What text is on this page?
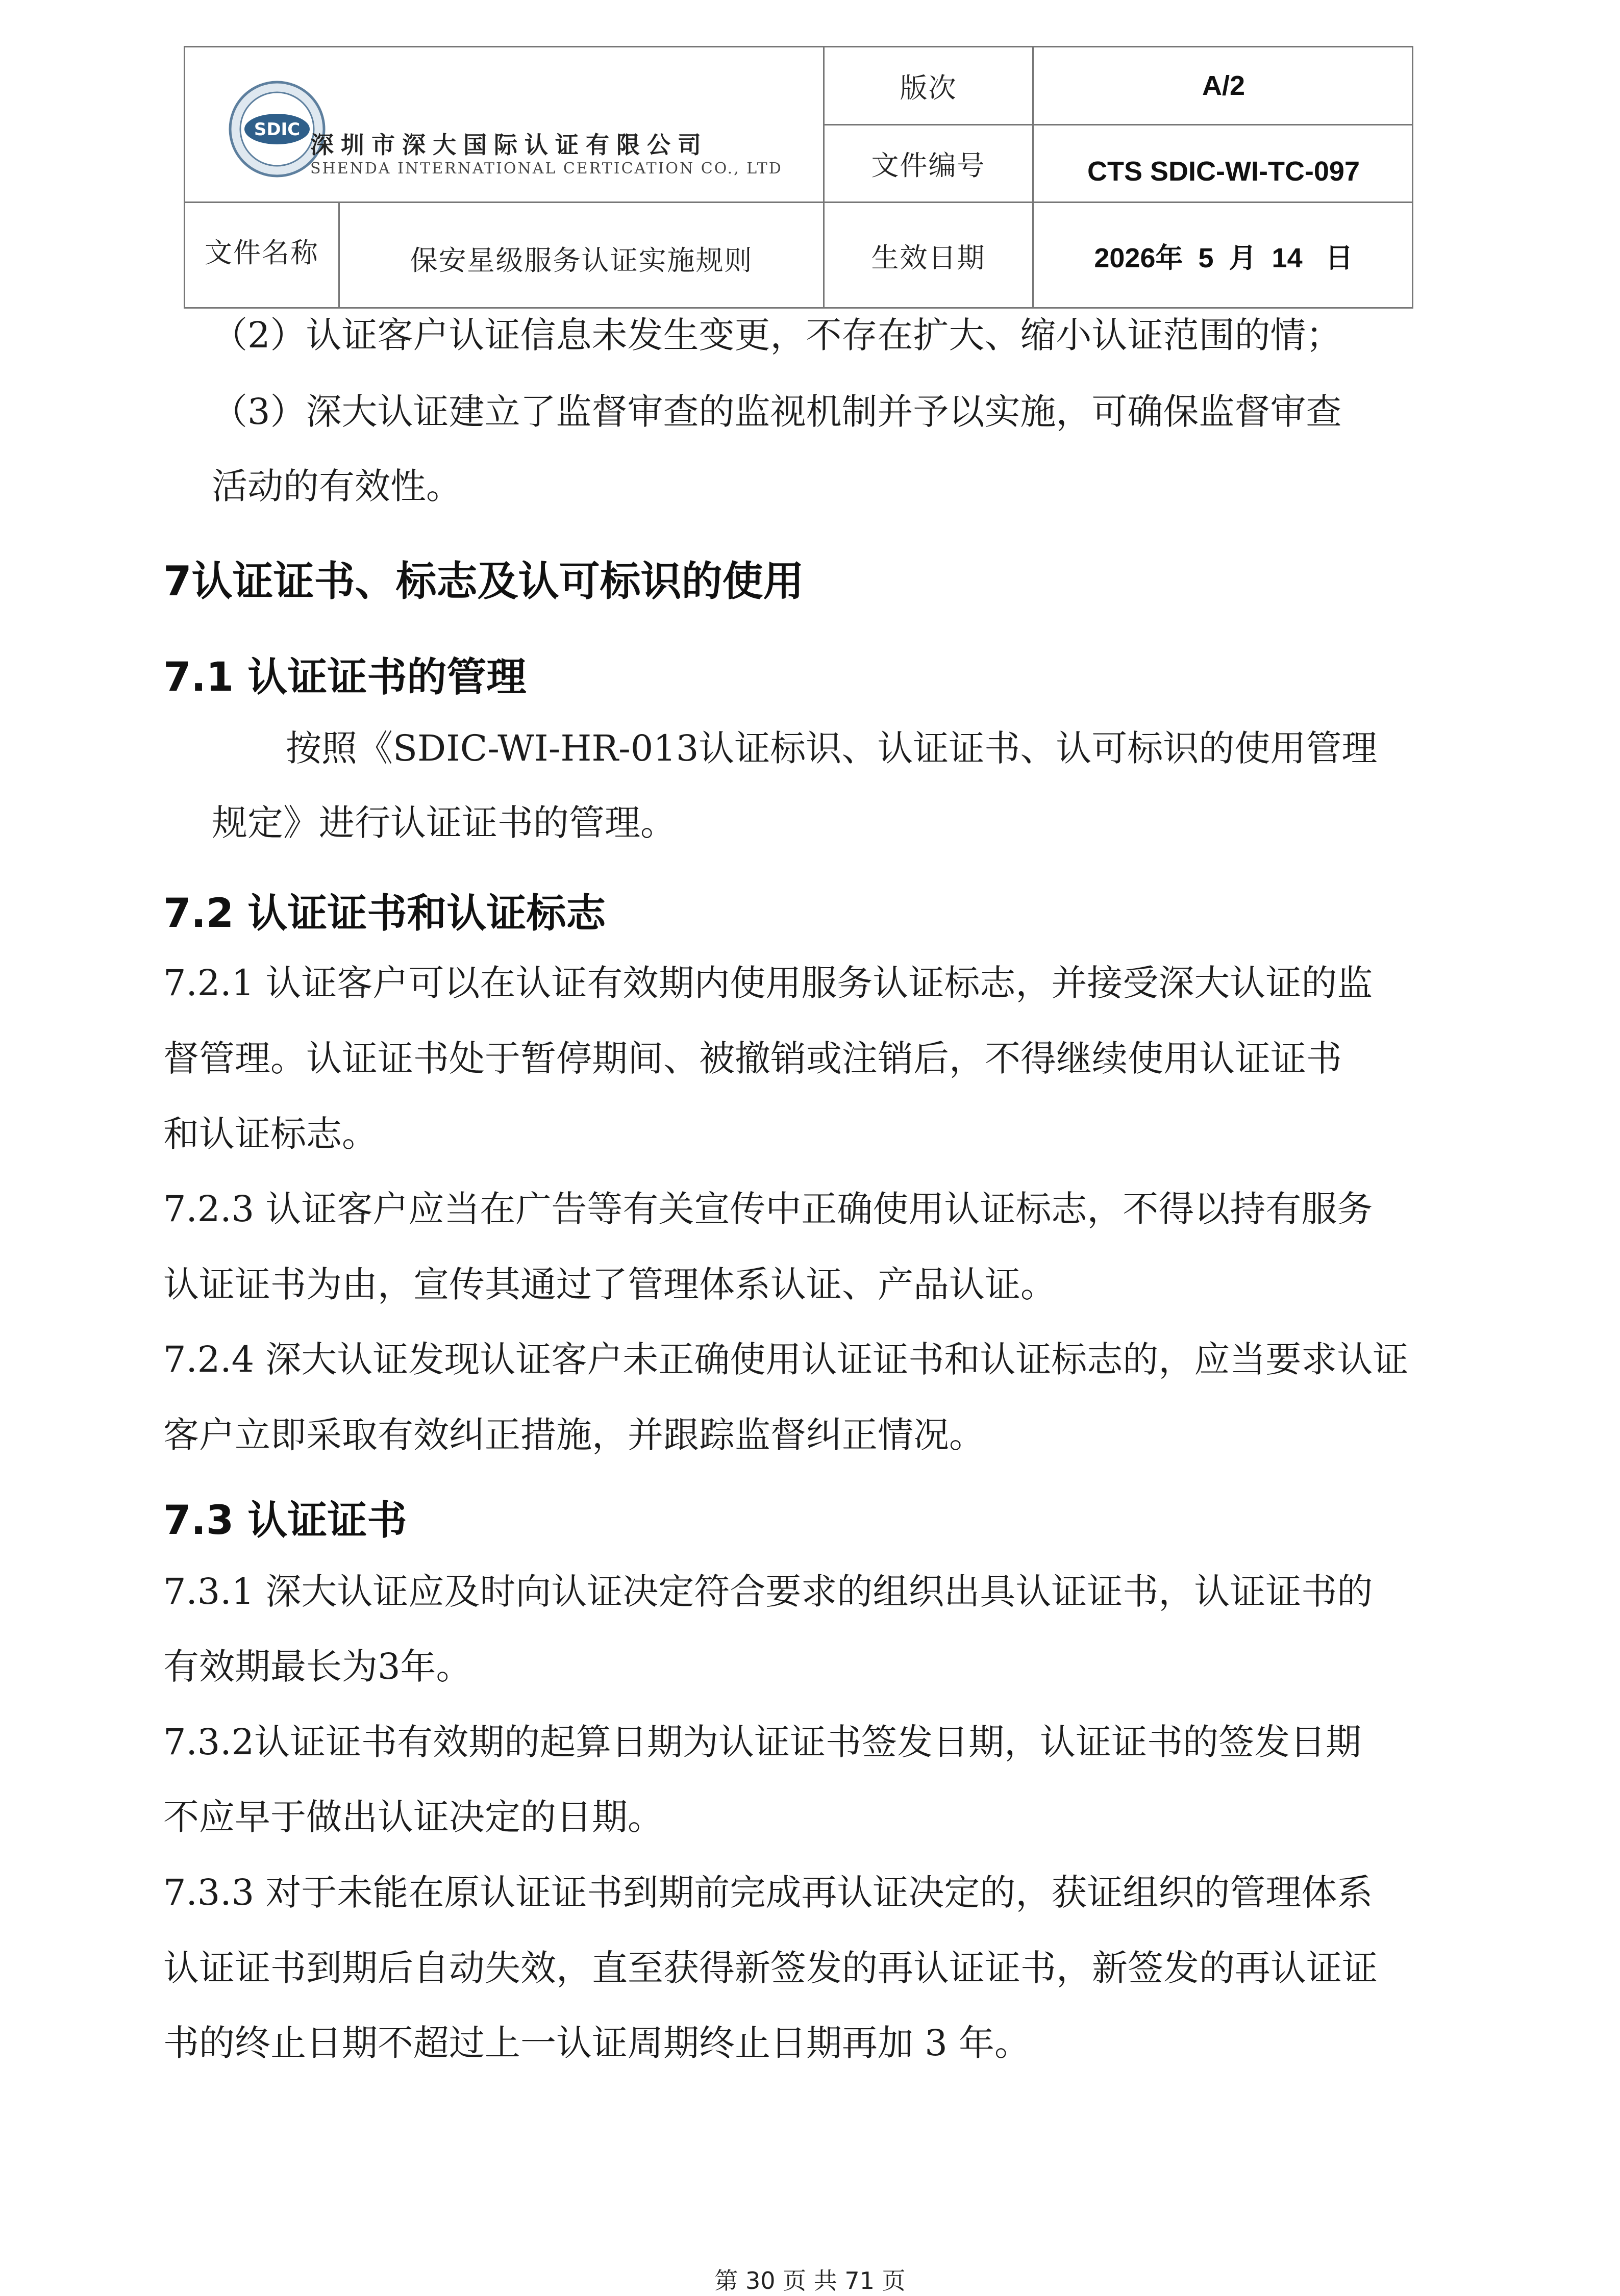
SDIC
深圳市深大国际认证有限公司
SHENDA INTERNATIONAL CERTICATION CO., LTD
版次	A/2
文件编号	CTS SDIC-WI-TC-097
文件名称	保安星级服务认证实施规则	生效日期	2026年  5  月  14   日
（2）认证客户认证信息未发生变更，不存在扩大、缩小认证范围的情；
（3）深大认证建立了监督审查的监视机制并予以实施，可确保监督审查
活动的有效性。
7认证证书、标志及认可标识的使用
7.1 认证证书的管理
按照《SDIC-WI-HR-013认证标识、认证证书、认可标识的使用管理
规定》进行认证证书的管理。
7.2 认证证书和认证标志
7.2.1 认证客户可以在认证有效期内使用服务认证标志，并接受深大认证的监
督管理。认证证书处于暂停期间、被撤销或注销后，不得继续使用认证证书
和认证标志。
7.2.3 认证客户应当在广告等有关宣传中正确使用认证标志，不得以持有服务
认证证书为由，宣传其通过了管理体系认证、产品认证。
7.2.4 深大认证发现认证客户未正确使用认证证书和认证标志的，应当要求认证
客户立即采取有效纠正措施，并跟踪监督纠正情况。
7.3 认证证书
7.3.1 深大认证应及时向认证决定符合要求的组织出具认证证书，认证证书的
有效期最长为3年。
7.3.2认证证书有效期的起算日期为认证证书签发日期，认证证书的签发日期
不应早于做出认证决定的日期。
7.3.3 对于未能在原认证证书到期前完成再认证决定的，获证组织的管理体系
认证证书到期后自动失效，直至获得新签发的再认证证书，新签发的再认证证
书的终止日期不超过上一认证周期终止日期再加 3 年。
第 30 页 共 71 页
